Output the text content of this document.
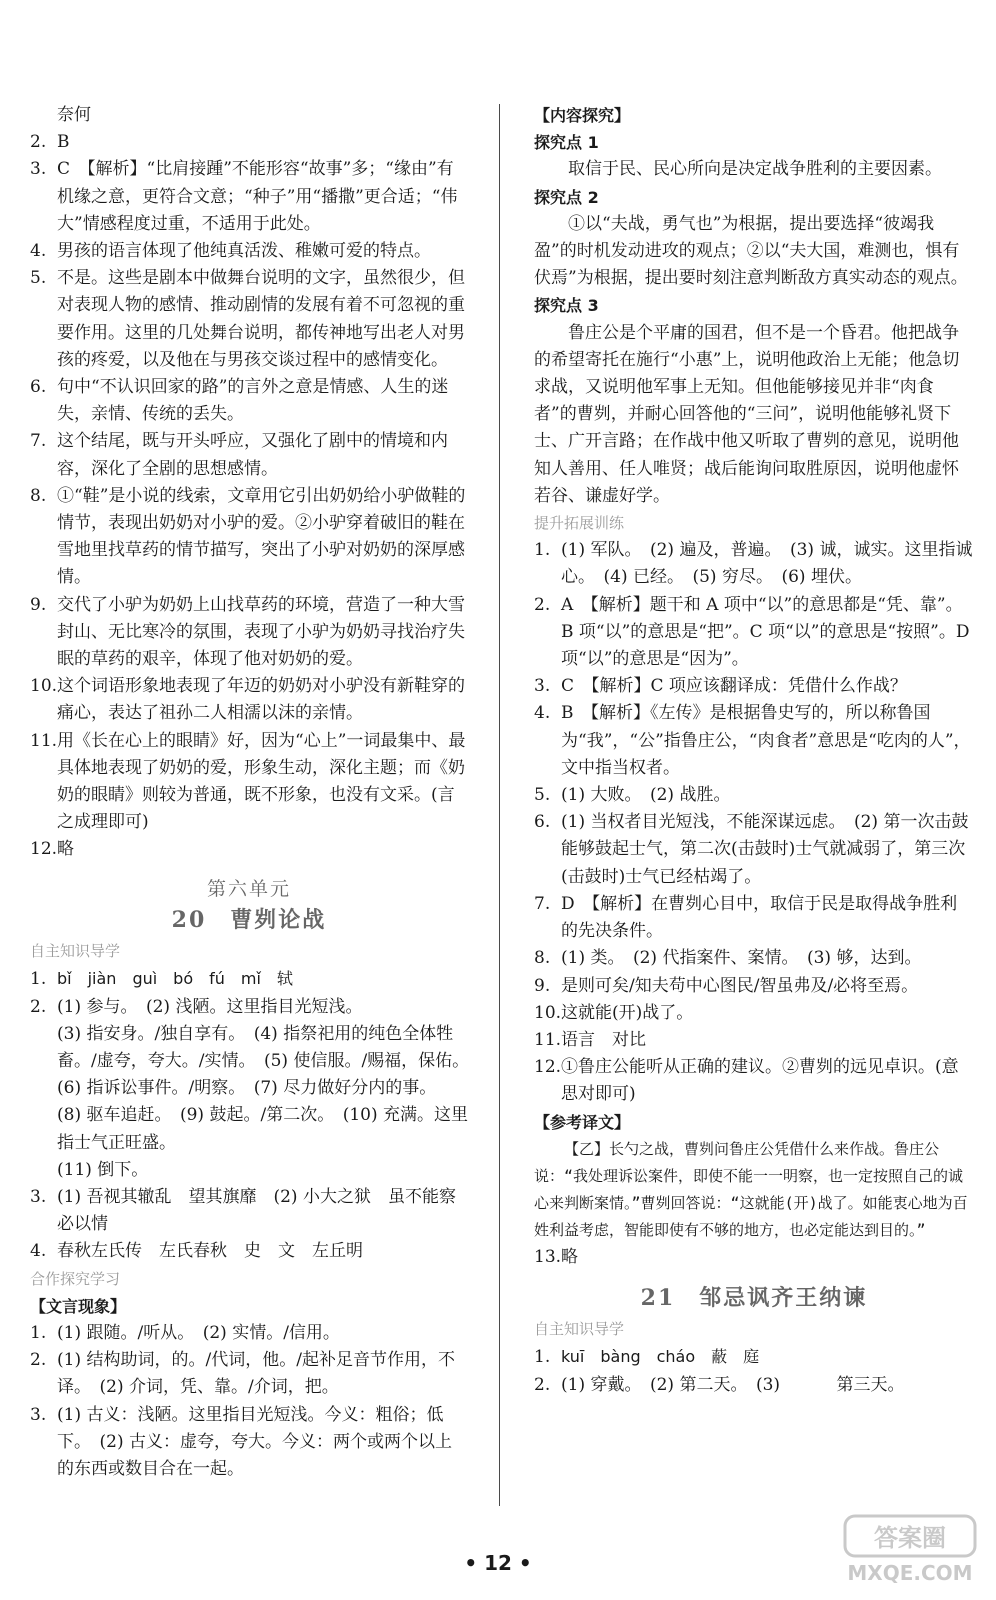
奈何

2. B

3. C　【解析】“比肩接踵”不能形容“故事”多；“缘由”有机缘之意，更符合文意；“种子”用“播撒”更合适；“伟大”情感程度过重，不适用于此处。

4. 男孩的语言体现了他纯真活泼、稚嫩可爱的特点。

5. 不是。这些是剧本中做舞台说明的文字，虽然很少，但对表现人物的感情、推动剧情的发展有着不可忽视的重要作用。这里的几处舞台说明，都传神地写出老人对男孩的疼爱，以及他在与男孩交谈过程中的感情变化。

6. 句中“不认识回家的路”的言外之意是情感、人生的迷失，亲情、传统的丢失。

7. 这个结尾，既与开头呼应，又强化了剧中的情境和内容，深化了全剧的思想感情。

8. ①“鞋”是小说的线索，文章用它引出奶奶给小驴做鞋的情节，表现出奶奶对小驴的爱。②小驴穿着破旧的鞋在雪地里找草药的情节描写，突出了小驴对奶奶的深厚感情。

9. 交代了小驴为奶奶上山找草药的环境，营造了一种大雪封山、无比寒冷的氛围，表现了小驴为奶奶寻找治疗失眠的草药的艰辛，体现了他对奶奶的爱。

10.这个词语形象地表现了年迈的奶奶对小驴没有新鞋穿的痛心，表达了祖孙二人相濡以沫的亲情。

11.用《长在心上的眼睛》好，因为“心上”一词最集中、最具体地表现了奶奶的爱，形象生动，深化主题；而《奶奶的眼睛》则较为普通，既不形象，也没有文采。(言之成理即可)

12.略

第六单元

20 曹刿论战

自主知识导学

1. bǐ　jiàn　guì　bó　fú　mǐ　轼

2. (1) 参与。　(2) 浅陋。这里指目光短浅。

(3) 指安身。/独自享有。　(4) 指祭祀用的纯色全体牲畜。/虚夸，夸大。/实情。　(5) 使信服。/赐福，保佑。　(6) 指诉讼事件。/明察。　(7) 尽力做好分内的事。　(8) 驱车追赶。　(9) 鼓起。/第二次。　(10) 充满。这里指士气正旺盛。

(11) 倒下。

3. (1) 吾视其辙乱　望其旗靡　(2) 小大之狱　虽不能察　必以情

4. 春秋左氏传　左氏春秋　史　文　左丘明

合作探究学习

【文言现象】

1. (1) 跟随。/听从。　(2) 实情。/信用。

2. (1) 结构助词，的。/代词，他。/起补足音节作用，不译。　(2) 介词，凭、靠。/介词，把。

3. (1) 古义：浅陋。这里指目光短浅。今义：粗俗；低下。　(2) 古义：虚夸，夸大。今义：两个或两个以上的东西或数目合在一起。

【内容探究】

探究点 1

取信于民、民心所向是决定战争胜利的主要因素。

探究点 2

①以“夫战，勇气也”为根据，提出要选择“彼竭我盈”的时机发动进攻的观点；②以“夫大国，难测也，惧有伏焉”为根据，提出要时刻注意判断敌方真实动态的观点。

探究点 3

鲁庄公是个平庸的国君，但不是一个昏君。他把战争的希望寄托在施行“小惠”上，说明他政治上无能；他急切求战，又说明他军事上无知。但他能够接见并非“肉食者”的曹刿，并耐心回答他的“三问”，说明他能够礼贤下士、广开言路；在作战中他又听取了曹刿的意见，说明他知人善用、任人唯贤；战后能询问取胜原因，说明他虚怀若谷、谦虚好学。

提升拓展训练

1. (1) 军队。　(2) 遍及，普遍。　(3) 诚，诚实。这里指诚心。　(4) 已经。　(5) 穷尽。　(6) 埋伏。

2. A　【解析】题干和 A 项中“以”的意思都是“凭、靠”。B 项“以”的意思是“把”。C 项“以”的意思是“按照”。D 项“以”的意思是“因为”。

3. C　【解析】C 项应该翻译成：凭借什么作战？

4. B　【解析】《左传》是根据鲁史写的，所以称鲁国为“我”，“公”指鲁庄公，“肉食者”意思是“吃肉的人”，文中指当权者。

5. (1) 大败。　(2) 战胜。

6. (1) 当权者目光短浅，不能深谋远虑。　(2) 第一次击鼓能够鼓起士气，第二次(击鼓时)士气就减弱了，第三次(击鼓时)士气已经枯竭了。

7. D　【解析】在曹刿心目中，取信于民是取得战争胜利的先决条件。

8. (1) 类。　(2) 代指案件、案情。　(3) 够，达到。

9. 是则可矣/知夫苟中心图民/智虽弗及/必将至焉。

10.这就能(开)战了。

11.语言　对比

12.①鲁庄公能听从正确的建议。②曹刿的远见卓识。(意思对即可)

【参考译文】

【乙】长勺之战，曹刿问鲁庄公凭借什么来作战。鲁庄公说：“我处理诉讼案件，即使不能一一明察，也一定按照自己的诚心来判断案情。”曹刿回答说：“这就能(开)战了。如能衷心地为百姓利益考虑，智能即使有不够的地方，也必定能达到目的。”

13.略

21 邹忌讽齐王纳谏

自主知识导学

1. kuī　bàng　cháo　蔽　庭

2. (1) 穿戴。　(2) 第二天。　(3) 　　　第三天。

• 12 •
答案圈
MXQE.COM
